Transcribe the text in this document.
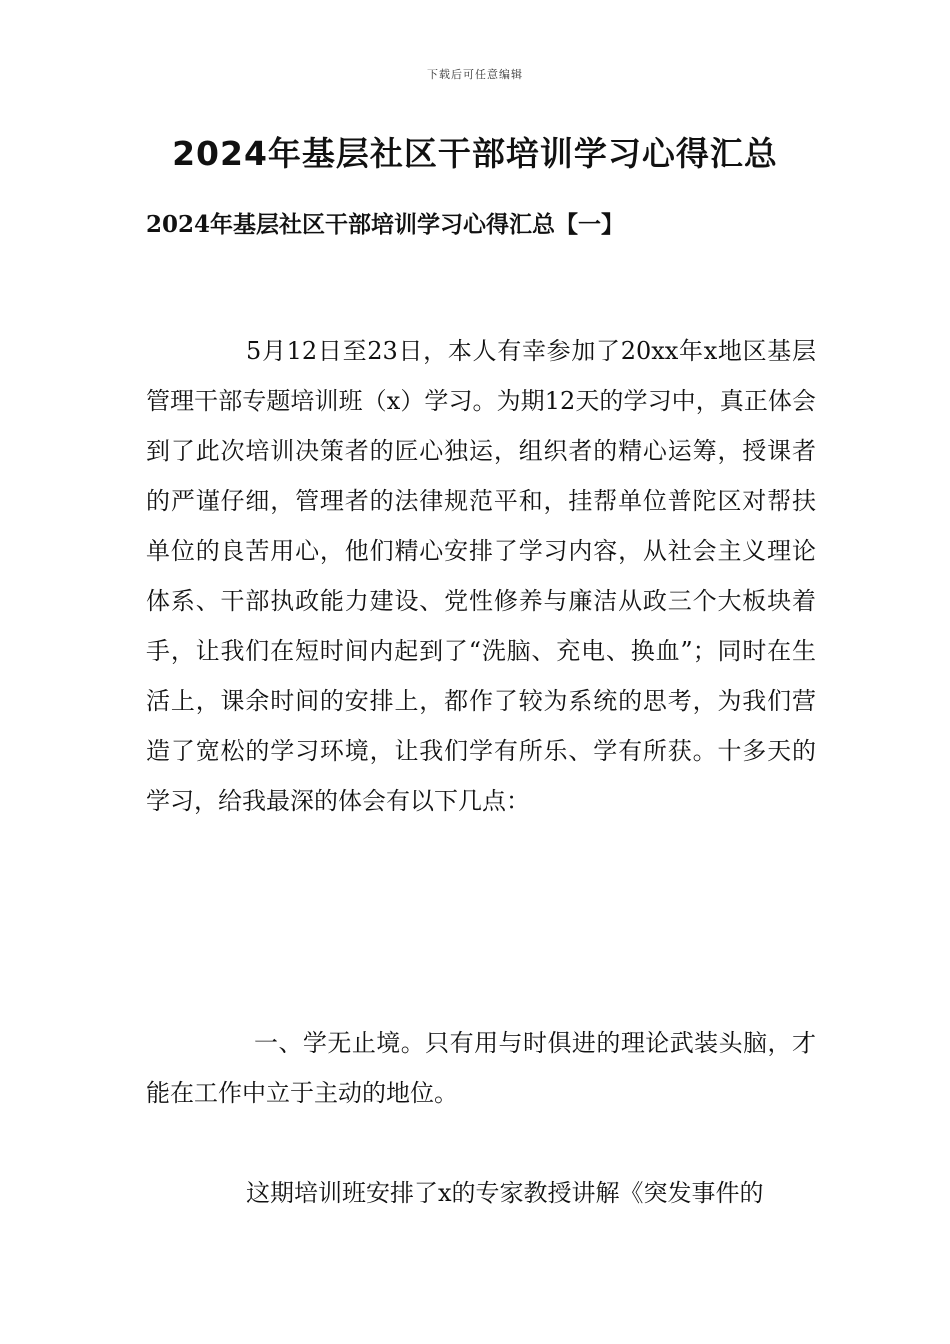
下载后可任意编辑
2024年基层社区干部培训学习心得汇总
2024年基层社区干部培训学习心得汇总【一】

5月12日至23日，本人有幸参加了20xx年x地区基层管理干部专题培训班（x）学习。为期12天的学习中，真正体会到了此次培训决策者的匠心独运，组织者的精心运筹，授课者的严谨仔细，管理者的法律规范平和，挂帮单位普陀区对帮扶单位的良苦用心，他们精心安排了学习内容，从社会主义理论体系、干部执政能力建设、党性修养与廉洁从政三个大板块着手，让我们在短时间内起到了“洗脑、充电、换血”；同时在生活上，课余时间的安排上，都作了较为系统的思考，为我们营造了宽松的学习环境，让我们学有所乐、学有所获。十多天的学习，给我最深的体会有以下几点：

一、学无止境。只有用与时俱进的理论武装头脑，才能在工作中立于主动的地位。

这期培训班安排了x的专家教授讲解《突发事件的
